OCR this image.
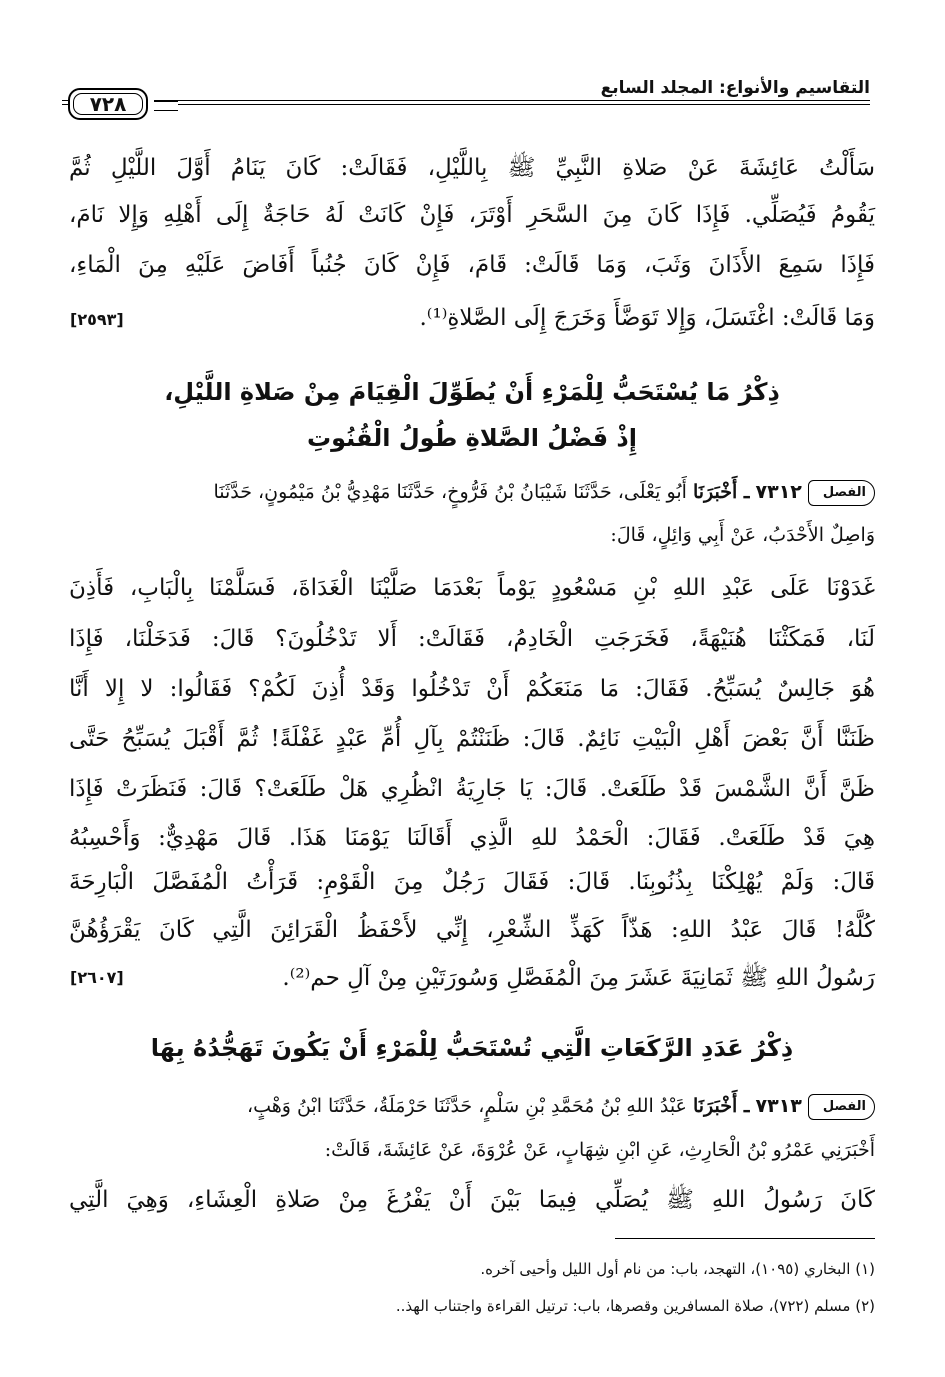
التقاسيم والأنواع: المجلد السابع
٧٢٨
سَأَلْتُ عَائِشَةَ عَنْ صَلاةِ النَّبِيِّ ﷺ بِاللَّيْلِ، فَقَالَتْ: كَانَ يَنَامُ أَوَّلَ اللَّيْلِ ثُمَّ
يَقُومُ فَيُصَلِّي. فَإِذَا كَانَ مِنَ السَّحَرِ أَوْتَرَ، فَإِنْ كَانَتْ لَهُ حَاجَةٌ إِلَى أَهْلِهِ وَإِلا نَامَ،
فَإِذَا سَمِعَ الأَذَانَ وَثَبَ، وَمَا قَالَتْ: قَامَ، فَإِنْ كَانَ جُنُباً أَفَاضَ عَلَيْهِ مِنَ الْمَاءِ،
وَمَا قَالَتْ: اغْتَسَلَ، وَإِلا تَوَضَّأَ وَخَرَجَ إِلَى الصَّلاةِ⁽¹⁾.
[٢٥٩٣]
ذِكْرُ مَا يُسْتَحَبُّ لِلْمَرْءِ أَنْ يُطَوِّلَ الْقِيَامَ مِنْ صَلاةِ اللَّيْلِ،
إِذْ فَضْلُ الصَّلاةِ طُولُ الْقُنُوتِ
الفصل٧٣١٢ ـ أَخْبَرَنَا أَبُو يَعْلَى، حَدَّثَنَا شَيْبَانُ بْنُ فَرُّوخٍ، حَدَّثَنَا مَهْدِيُّ بْنُ مَيْمُونٍ، حَدَّثَنَا
وَاصِلٌ الأَحْدَبُ، عَنْ أَبِي وَائِلٍ، قَالَ:
غَدَوْنَا عَلَى عَبْدِ اللهِ بْنِ مَسْعُودٍ يَوْماً بَعْدَمَا صَلَّيْنَا الْغَدَاةَ، فَسَلَّمْنَا بِالْبَابِ، فَأَذِنَ
لَنَا، فَمَكَثْنَا هُنَيْهَةً، فَخَرَجَتِ الْخَادِمُ، فَقَالَتْ: أَلا تَدْخُلُونَ؟ قَالَ: فَدَخَلْنَا، فَإِذَا
هُوَ جَالِسٌ يُسَبِّحُ. فَقَالَ: مَا مَنَعَكُمْ أَنْ تَدْخُلُوا وَقَدْ أُذِنَ لَكُمْ؟ فَقَالُوا: لا إِلا أَنَّا
ظَنَنَّا أَنَّ بَعْضَ أَهْلِ الْبَيْتِ نَائِمٌ. قَالَ: ظَنَنْتُمْ بِآلِ أُمِّ عَبْدٍ غَفْلَةً! ثُمَّ أَقْبَلَ يُسَبِّحُ حَتَّى
ظَنَّ أَنَّ الشَّمْسَ قَدْ طَلَعَتْ. قَالَ: يَا جَارِيَةُ انْظُرِي هَلْ طَلَعَتْ؟ قَالَ: فَنَظَرَتْ فَإِذَا
هِيَ قَدْ طَلَعَتْ. فَقَالَ: الْحَمْدُ للهِ الَّذِي أَقَالَنَا يَوْمَنَا هَذَا. قَالَ مَهْدِيٌّ: وَأَحْسِبُهُ
قَالَ: وَلَمْ يُهْلِكْنَا بِذُنُوبِنَا. قَالَ: فَقَالَ رَجُلٌ مِنَ الْقَوْمِ: قَرَأْتُ الْمُفَصَّلَ الْبَارِحَةَ
كُلَّهُ! قَالَ عَبْدُ اللهِ: هَذّاً كَهَذِّ الشِّعْرِ، إِنِّي لأَحْفَظُ الْقَرَائِنَ الَّتِي كَانَ يَقْرَؤُهُنَّ
رَسُولُ اللهِ ﷺ ثَمَانِيَةَ عَشَرَ مِنَ الْمُفَصَّلِ وَسُورَتَيْنِ مِنْ آلِ حم⁽²⁾.
[٢٦٠٧]
ذِكْرُ عَدَدِ الرَّكَعَاتِ الَّتِي تُسْتَحَبُّ لِلْمَرْءِ أَنْ يَكُونَ تَهَجُّدُهُ بِهَا
الفصل٧٣١٣ ـ أَخْبَرَنَا عَبْدُ اللهِ بْنُ مُحَمَّدِ بْنِ سَلْمٍ، حَدَّثَنَا حَرْمَلَةُ، حَدَّثَنَا ابْنُ وَهْبٍ،
أَخْبَرَنِي عَمْرُو بْنُ الْحَارِثِ، عَنِ ابْنِ شِهَابٍ، عَنْ عُرْوَةَ، عَنْ عَائِشَةَ، قَالَتْ:
كَانَ رَسُولُ اللهِ ﷺ يُصَلِّي فِيمَا بَيْنَ أَنْ يَفْرُغَ مِنْ صَلاةِ الْعِشَاءِ، وَهِيَ الَّتِي
(١) البخاري (١٠٩٥)، التهجد، باب: من نام أول الليل وأحيى آخره.
(٢) مسلم (٧٢٢)، صلاة المسافرين وقصرها، باب: ترتيل القراءة واجتناب الهذ..
